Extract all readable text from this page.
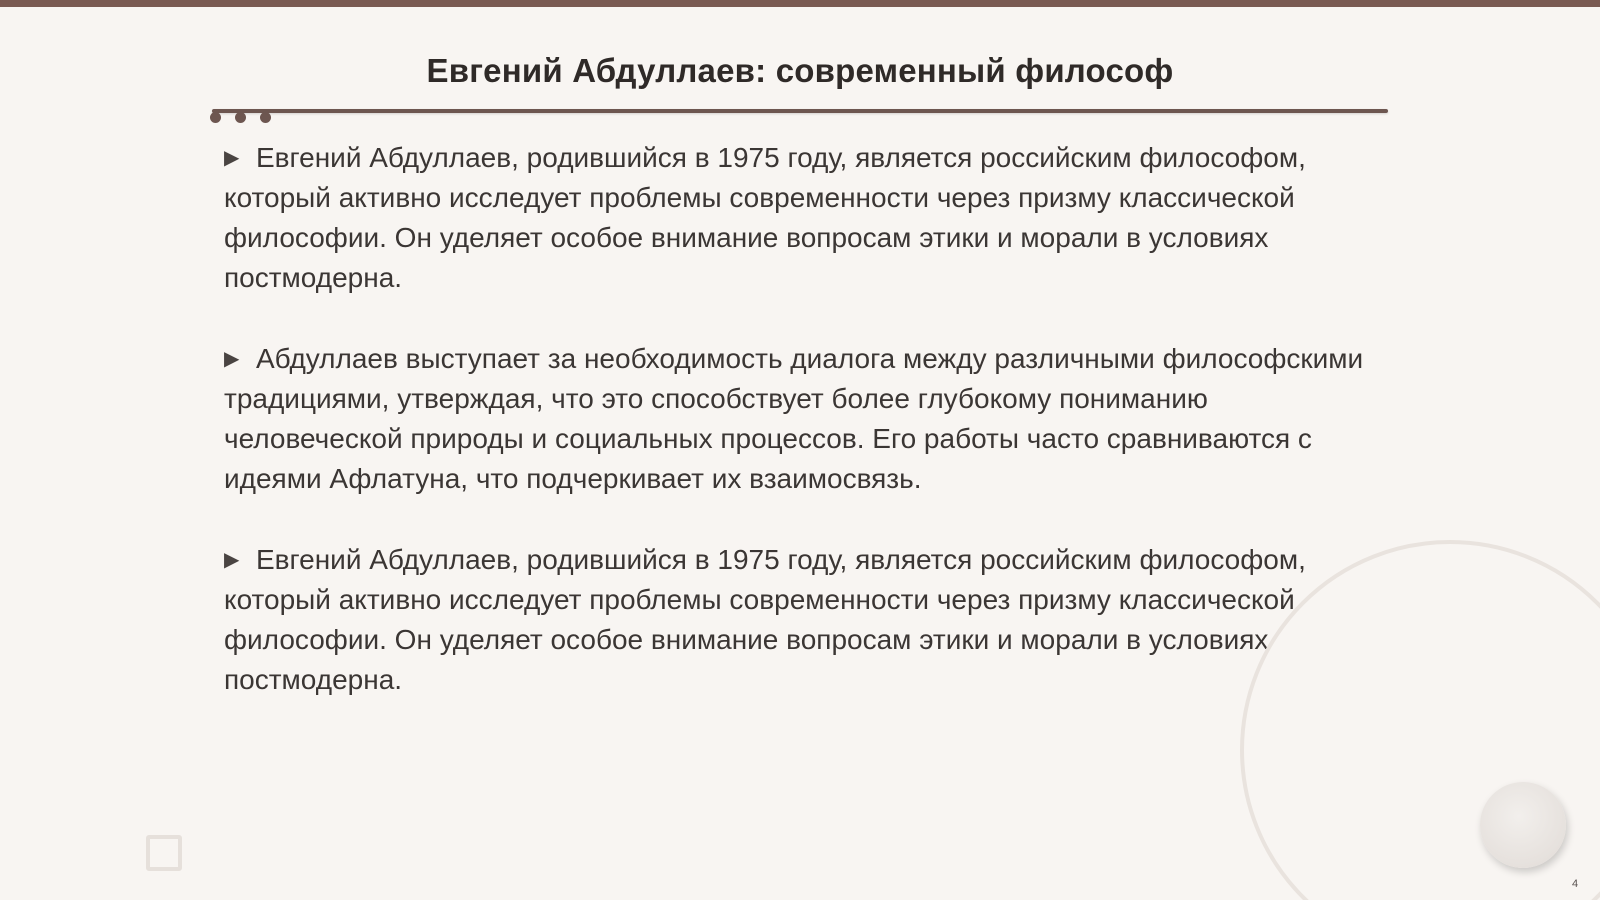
Евгений Абдуллаев: современный философ

▶ Евгений Абдуллаев, родившийся в 1975 году, является российским философом, который активно исследует проблемы современности через призму классической философии. Он уделяет особое внимание вопросам этики и морали в условиях постмодерна.

▶ Абдуллаев выступает за необходимость диалога между различными философскими традициями, утверждая, что это способствует более глубокому пониманию человеческой природы и социальных процессов. Его работы часто сравниваются с идеями Афлатуна, что подчеркивает их взаимосвязь.

▶ Евгений Абдуллаев, родившийся в 1975 году, является российским философом, который активно исследует проблемы современности через призму классической философии. Он уделяет особое внимание вопросам этики и морали в условиях постмодерна.

4
